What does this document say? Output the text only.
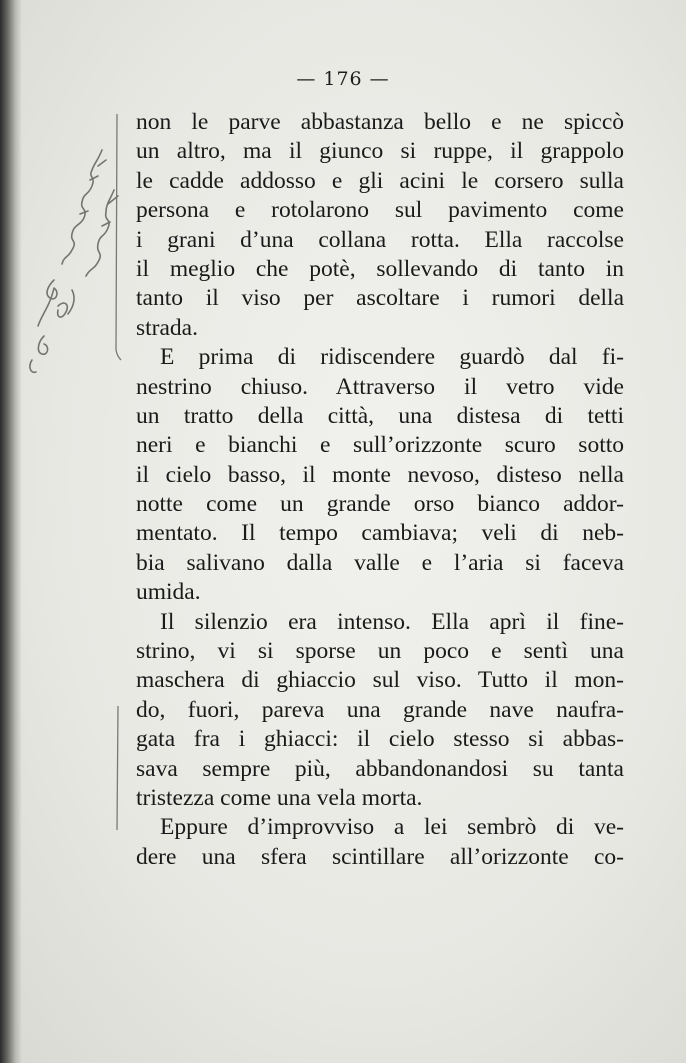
— 176 —
non le parve abbastanza bello e ne spiccò
un altro, ma il giunco si ruppe, il grappolo
le cadde addosso e gli acini le corsero sulla
persona e rotolarono sul pavimento come
i grani d’una collana rotta. Ella raccolse
il meglio che potè, sollevando di tanto in
tanto il viso per ascoltare i rumori della
strada.
E prima di ridiscendere guardò dal fi-
nestrino chiuso. Attraverso il vetro vide
un tratto della città, una distesa di tetti
neri e bianchi e sull’orizzonte scuro sotto
il cielo basso, il monte nevoso, disteso nella
notte come un grande orso bianco addor-
mentato. Il tempo cambiava; veli di neb-
bia salivano dalla valle e l’aria si faceva
umida.
Il silenzio era intenso. Ella aprì il fine-
strino, vi si sporse un poco e sentì una
maschera di ghiaccio sul viso. Tutto il mon-
do, fuori, pareva una grande nave naufra-
gata fra i ghiacci: il cielo stesso si abbas-
sava sempre più, abbandonandosi su tanta
tristezza come una vela morta.
Eppure d’improvviso a lei sembrò di ve-
dere una sfera scintillare all’orizzonte co-
